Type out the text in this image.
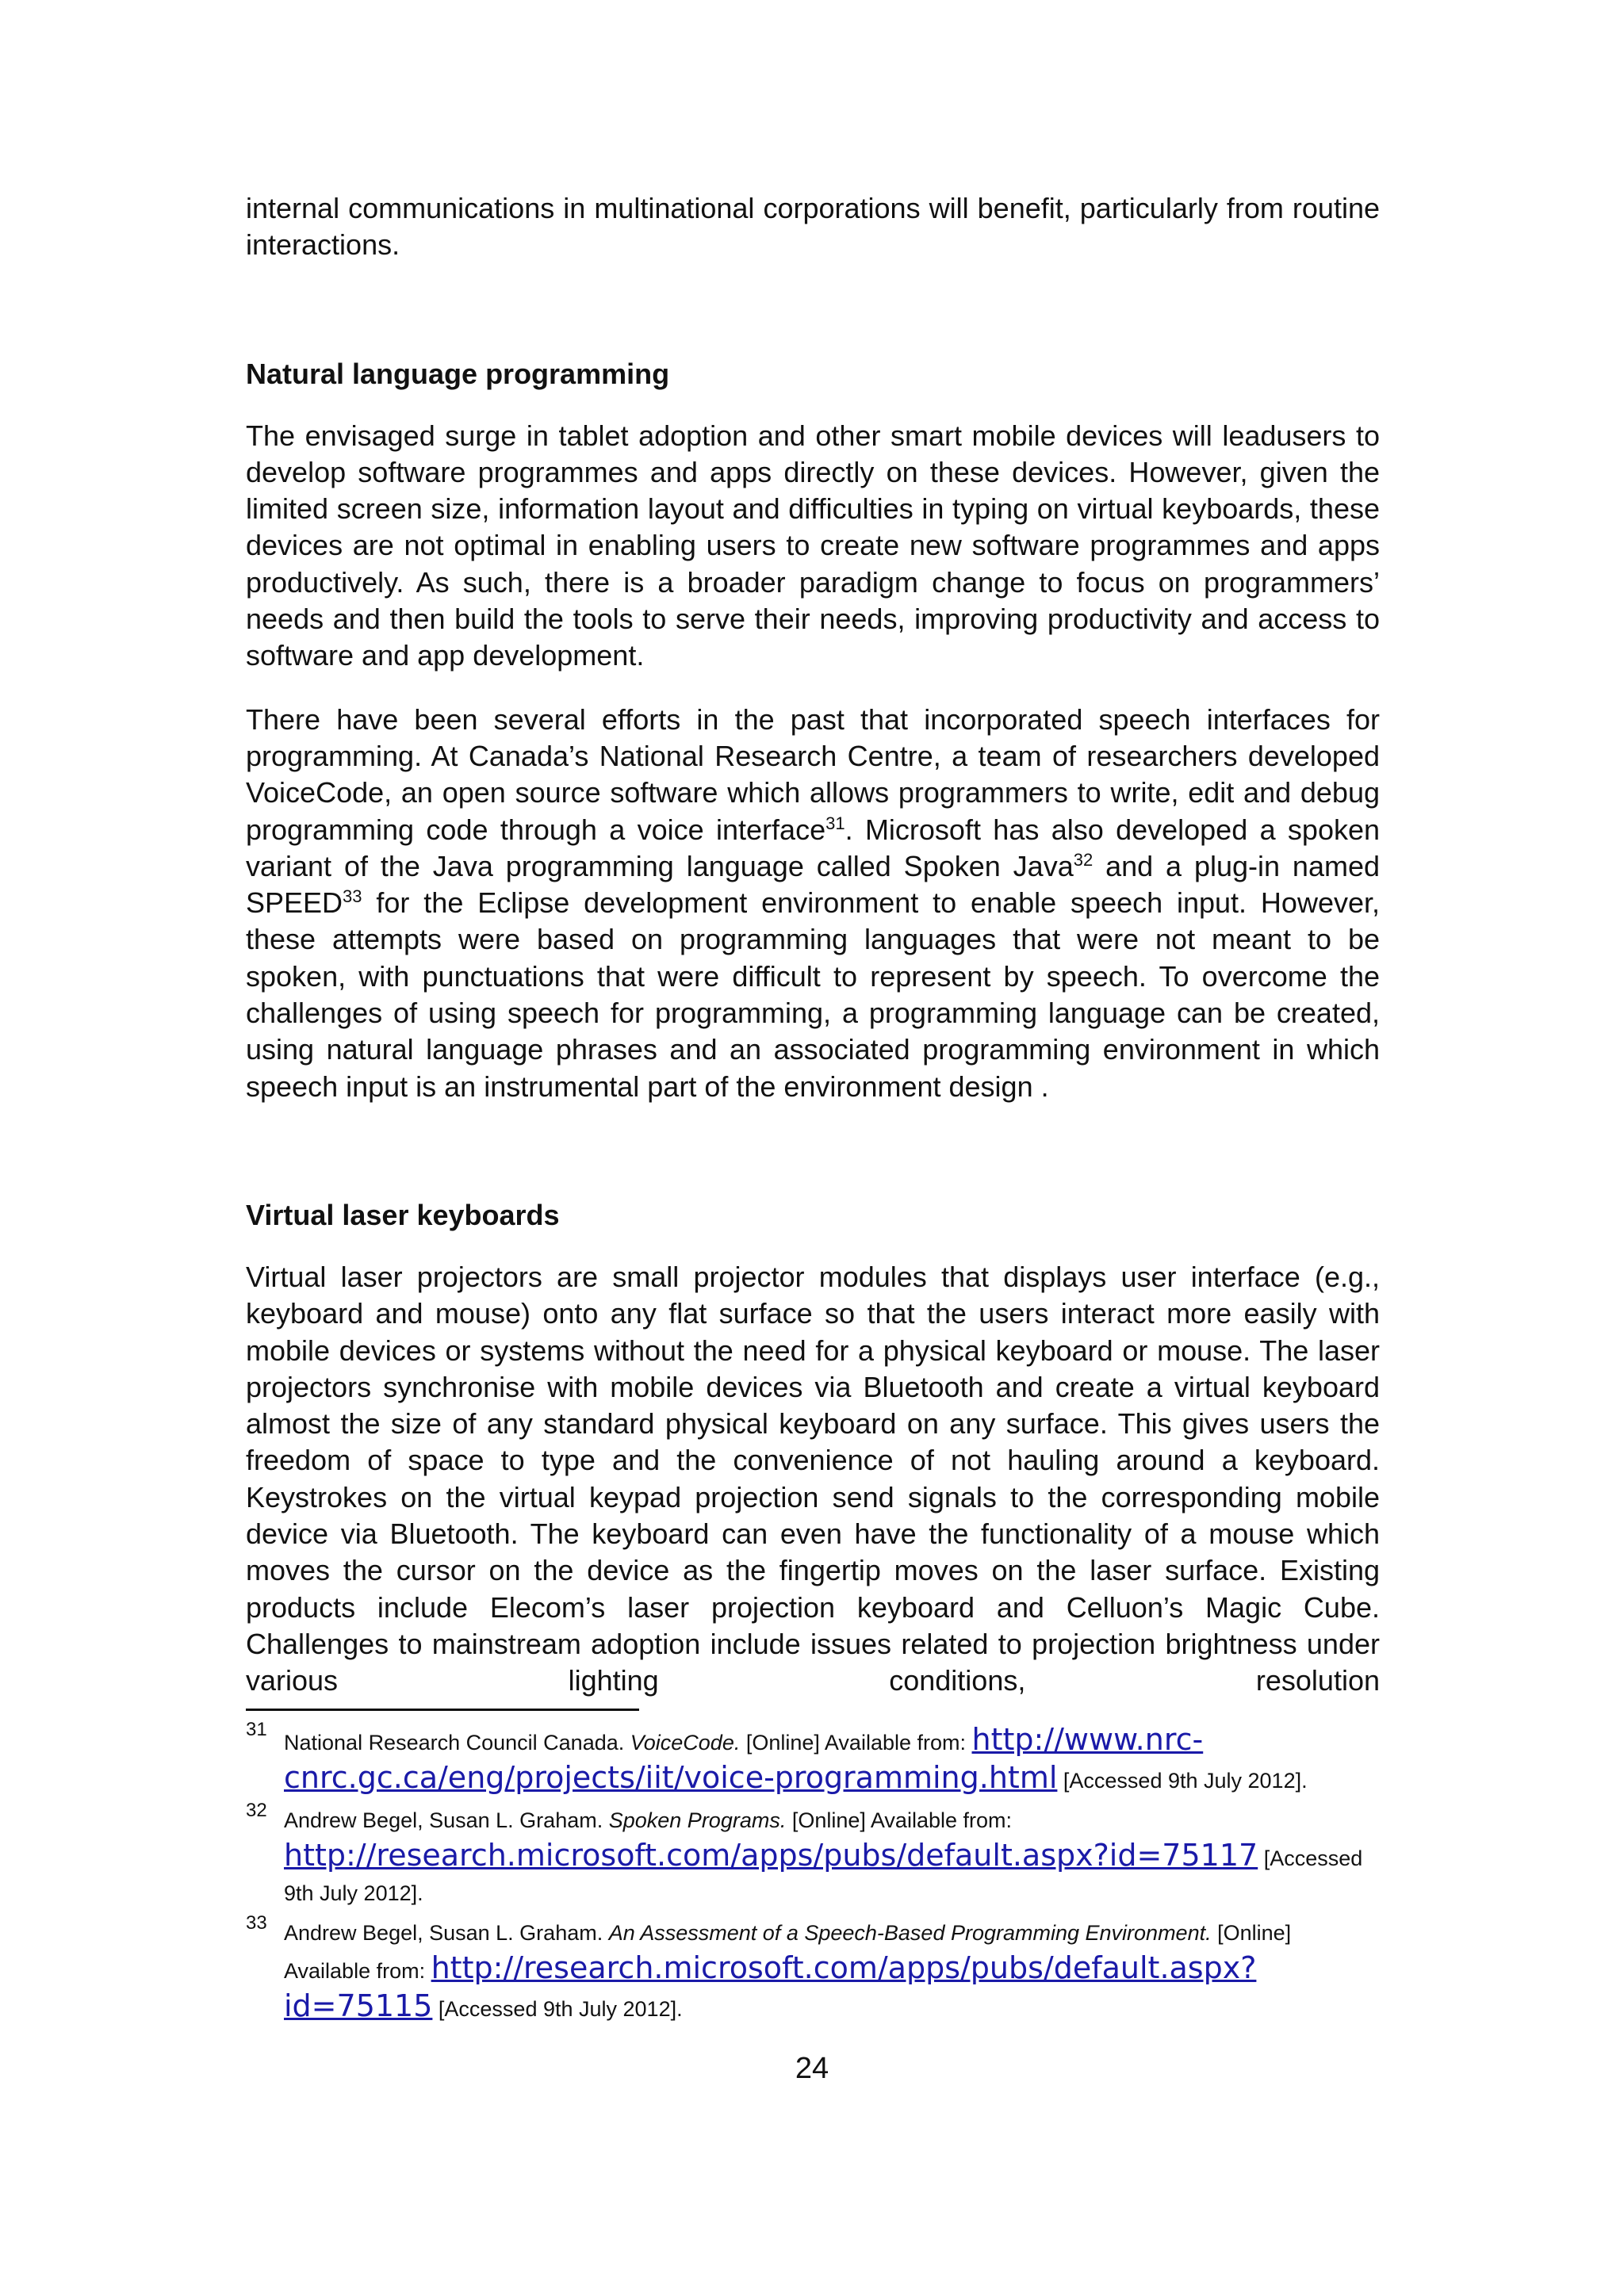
internal communications in multinational corporations will benefit, particularly from routine interactions.

Natural language programming

The envisaged surge in tablet adoption and other smart mobile devices will leadusers to develop software programmes and apps directly on these devices. However, given the limited screen size, information layout and difficulties in typing on virtual keyboards, these devices are not optimal in enabling users to create new software programmes and apps productively. As such, there is a broader paradigm change to focus on programmers’ needs and then build the tools to serve their needs, improving productivity and access to software and app development.

There have been several efforts in the past that incorporated speech interfaces for programming. At Canada’s National Research Centre, a team of researchers developed VoiceCode, an open source software which allows programmers to write, edit and debug programming code through a voice interface$^{31}$. Microsoft has also developed a spoken variant of the Java programming language called Spoken Java$^{32}$ and a plug-in named SPEED$^{33}$ for the Eclipse development environment to enable speech input. However, these attempts were based on programming languages that were not meant to be spoken, with punctuations that were difficult to represent by speech. To overcome the challenges of using speech for programming, a programming language can be created, using natural language phrases and an associated programming environment in which speech input is an instrumental part of the environment design .

Virtual laser keyboards

Virtual laser projectors are small projector modules that displays user interface (e.g., keyboard and mouse) onto any flat surface so that the users interact more easily with mobile devices or systems without the need for a physical keyboard or mouse. The laser projectors synchronise with mobile devices via Bluetooth and create a virtual keyboard almost the size of any standard physical keyboard on any surface. This gives users the freedom of space to type and the convenience of not hauling around a keyboard. Keystrokes on the virtual keypad projection send signals to the corresponding mobile device via Bluetooth. The keyboard can even have the functionality of a mouse which moves the cursor on the device as the fingertip moves on the laser surface. Existing products include Elecom’s laser projection keyboard and Celluon’s Magic Cube. Challenges to mainstream adoption include issues related to projection brightness under various lighting conditions, resolution

31
National Research Council Canada. VoiceCode. [Online] Available from: http://www.nrc-cnrc.gc.ca/eng/projects/iit/voice-programming.html [Accessed 9th July 2012].
32 Andrew Begel, Susan L. Graham. Spoken Programs. [Online] Available from: http://research.microsoft.com/apps/pubs/default.aspx?id=75117 [Accessed 9th July 2012].
33 Andrew Begel, Susan L. Graham. An Assessment of a Speech-Based Programming Environment. [Online] Available from: http://research.microsoft.com/apps/pubs/default.aspx?id=75115 [Accessed 9th July 2012].
24
